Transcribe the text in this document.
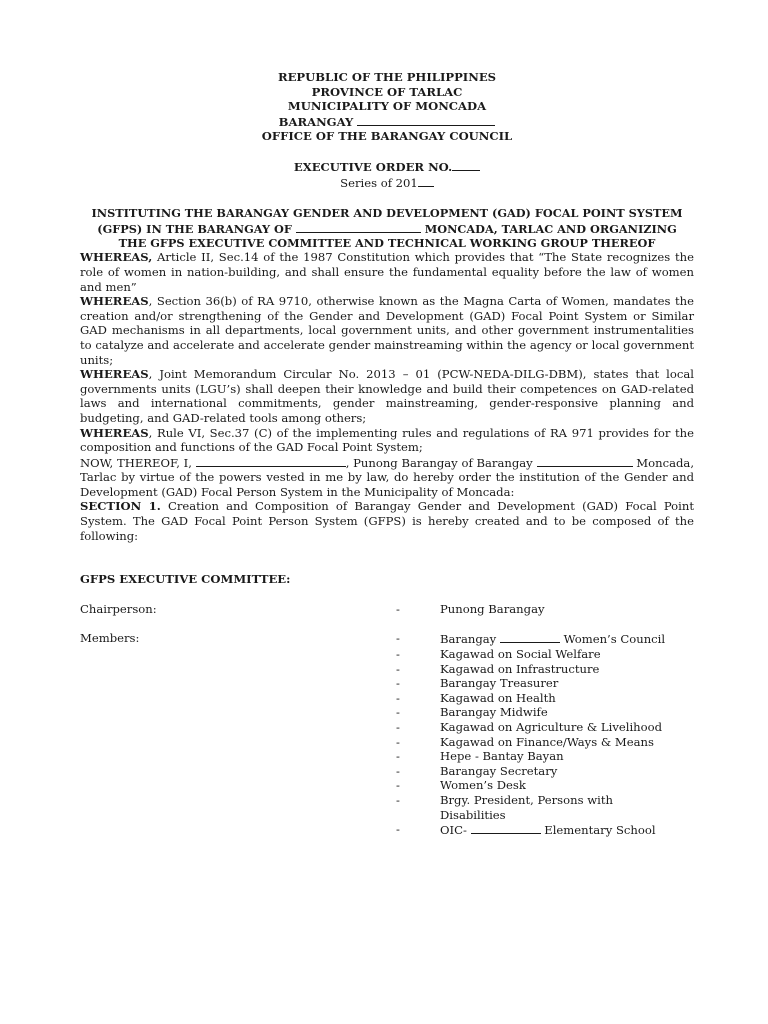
REPUBLIC OF THE PHILIPPINES
PROVINCE OF TARLAC
MUNICIPALITY OF MONCADA
BARANGAY
OFFICE OF THE BARANGAY COUNCIL
EXECUTIVE ORDER NO.
Series of 201
INSTITUTING THE BARANGAY GENDER AND DEVELOPMENT (GAD) FOCAL POINT SYSTEM
(GFPS) IN THE BARANGAY OF	MONCADA, TARLAC AND ORGANIZING
THE GFPS EXECUTIVE COMMITTEE AND TECHNICAL WORKING GROUP THEREOF

WHEREAS, Article II, Sec.14 of the 1987 Constitution which provides that “The State recognizes the role of women in nation-building, and shall ensure the fundamental equality before the law of women and men”

WHEREAS, Section 36(b) of RA 9710, otherwise known as the Magna Carta of Women, mandates the creation and/or strengthening of the Gender and Development (GAD) Focal Point System or Similar GAD mechanisms in all departments, local government units, and other government instrumentalities to catalyze and accelerate and accelerate gender mainstreaming within the agency or local government units;

WHEREAS, Joint Memorandum Circular No. 2013 – 01 (PCW-NEDA-DILG-DBM), states that local governments units (LGU’s) shall deepen their knowledge and build their competences on GAD-related laws and international commitments, gender mainstreaming, gender-responsive planning and budgeting, and GAD-related tools among others;

WHEREAS, Rule VI, Sec.37 (C) of the implementing rules and regulations of RA 971 provides for the composition and functions of the GAD Focal Point System;

NOW, THEREOF, I,	, Punong Barangay of Barangay	Moncada, Tarlac by virtue of the powers vested in me by law, do hereby order the institution of the Gender and Development (GAD) Focal Person System in the Municipality of Moncada:

SECTION 1. Creation and Composition of Barangay Gender and Development (GAD) Focal Point System. The GAD Focal Point Person System (GFPS) is hereby created and to be composed of the following:

GFPS EXECUTIVE COMMITTEE:
Chairperson:	-	Punong Barangay
Members:	-	Barangay	Women’s Council
-	Kagawad on Social Welfare
-	Kagawad on Infrastructure
-	Barangay Treasurer
-	Kagawad on Health
-	Barangay Midwife
-	Kagawad on Agriculture & Livelihood
-	Kagawad on Finance/Ways & Means
-	Hepe - Bantay Bayan
-	Barangay Secretary
-	Women’s Desk
-	Brgy. President, Persons with
Disabilities
-	OIC-	Elementary School
